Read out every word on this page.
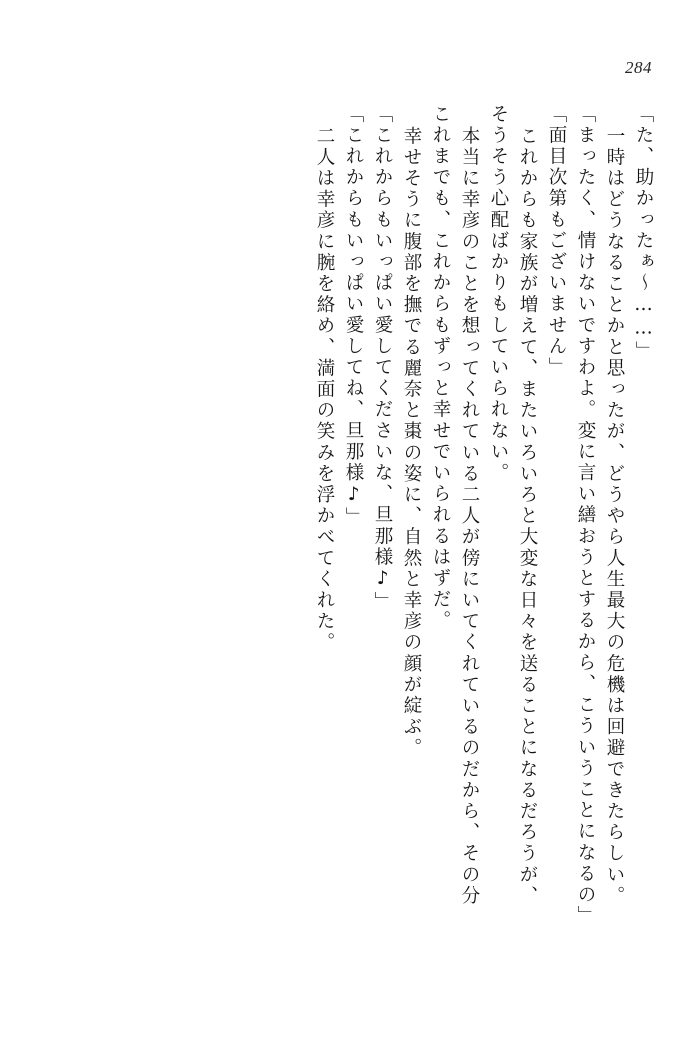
284
「た、助かったぁ～……」
一時はどうなることかと思ったが、どうやら人生最大の危機は回避できたらしい。
「まったく、情けないですわよ。変に言い繕おうとするから、こういうことになるの」
「面目次第もございません」
これからも家族が増えて、またいろいろと大変な日々を送ることになるだろうが、
そうそう心配ばかりもしていられない。
本当に幸彦のことを想ってくれている二人が傍にいてくれているのだから、その分
これまでも、これからもずっと幸せでいられるはずだ。
幸せそうに腹部を撫でる麗奈と棗の姿に、自然と幸彦の顔が綻ぶ。
「これからもいっぱい愛してくださいな、旦那様♪」
「これからもいっぱい愛してね、旦那様♪」
二人は幸彦に腕を絡め、満面の笑みを浮かべてくれた。
